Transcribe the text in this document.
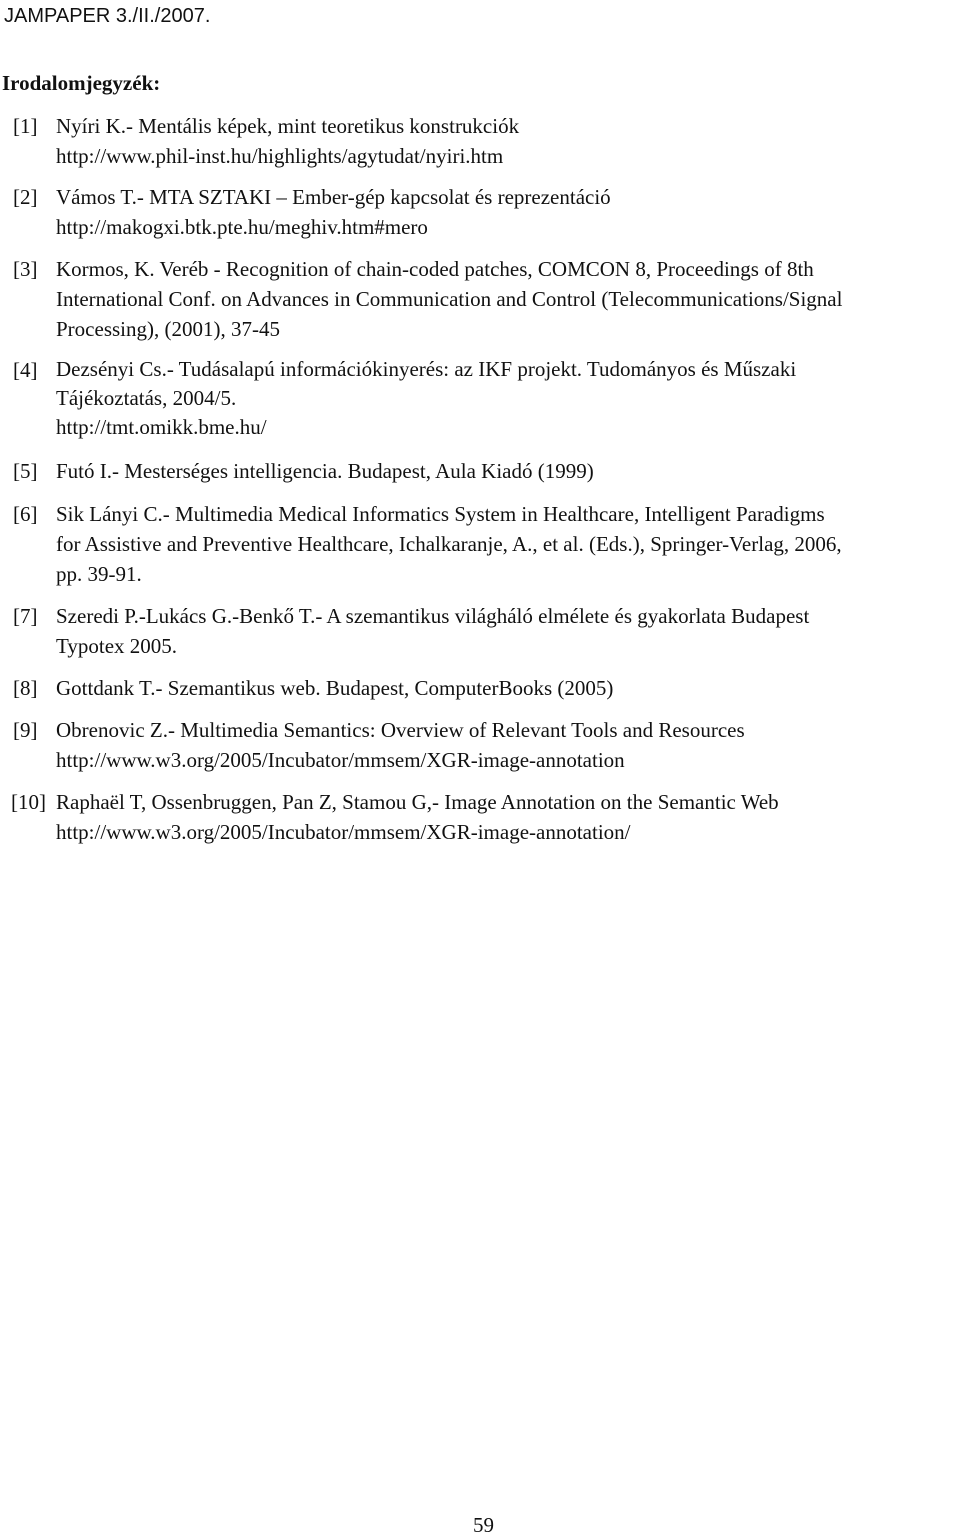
JAMPAPER 3./II./2007.
Irodalomjegyzék:
[1] Nyíri K.- Mentális képek, mint teoretikus konstrukciók
http://www.phil-inst.hu/highlights/agytudat/nyiri.htm
[2] Vámos T.- MTA SZTAKI – Ember-gép kapcsolat és reprezentáció
http://makogxi.btk.pte.hu/meghiv.htm#mero
[3] Kormos, K. Veréb - Recognition of chain-coded patches, COMCON 8, Proceedings of 8th
International Conf. on Advances in Communication and Control (Telecommunications/Signal
Processing), (2001), 37-45
[4] Dezsényi Cs.- Tudásalapú információkinyerés: az IKF projekt. Tudományos és Műszaki
Tájékoztatás, 2004/5.
http://tmt.omikk.bme.hu/
[5] Futó I.- Mesterséges intelligencia. Budapest, Aula Kiadó (1999)
[6] Sik Lányi C.- Multimedia Medical Informatics System in Healthcare, Intelligent Paradigms
for Assistive and Preventive Healthcare, Ichalkaranje, A., et al. (Eds.), Springer-Verlag, 2006,
pp. 39-91.
[7] Szeredi P.-Lukács G.-Benkő T.- A szemantikus világháló elmélete és gyakorlata Budapest
Typotex 2005.
[8] Gottdank T.- Szemantikus web. Budapest, ComputerBooks (2005)
[9] Obrenovic Z.- Multimedia Semantics: Overview of Relevant Tools and Resources
http://www.w3.org/2005/Incubator/mmsem/XGR-image-annotation
[10] Raphaël T, Ossenbruggen, Pan Z, Stamou G,- Image Annotation on the Semantic Web
http://www.w3.org/2005/Incubator/mmsem/XGR-image-annotation/
59
